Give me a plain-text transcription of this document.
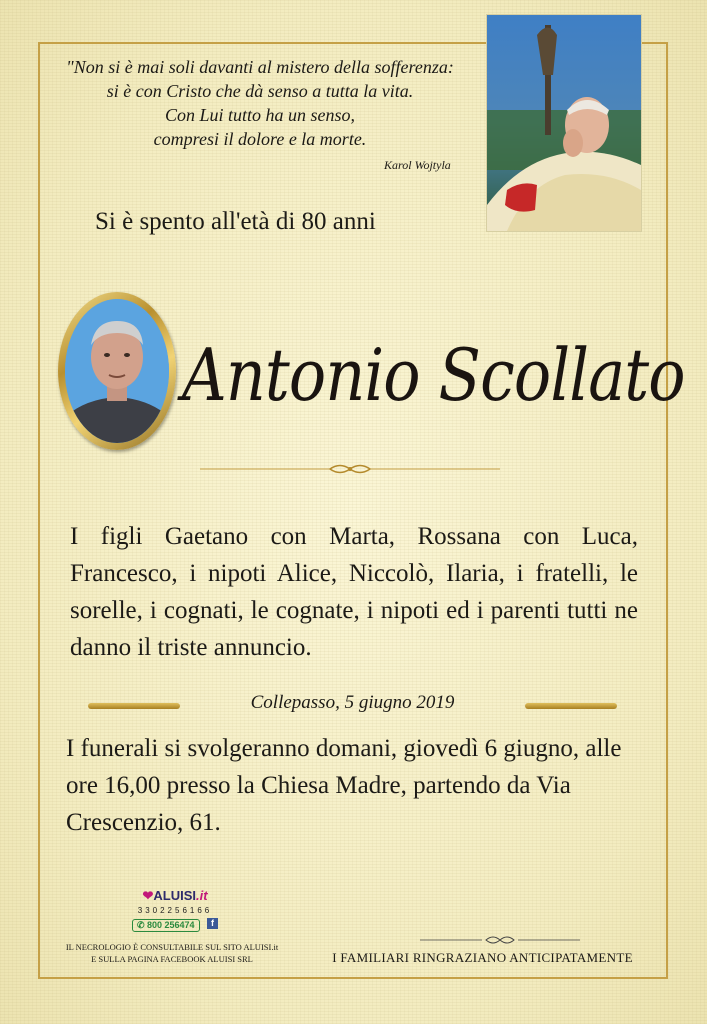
"Non si è mai soli davanti al mistero della sofferenza:
si è con Cristo che dà senso a tutta la vita.
Con Lui tutto ha un senso,
compresi il dolore e la morte.
Karol Wojtyla
Si è spento all'età di 80 anni
Antonio Scollato
I figli Gaetano con Marta, Rossana con Luca, Francesco, i nipoti Alice, Niccolò, Ilaria, i fratelli, le sorelle, i cognati, le cognate, i nipoti ed i parenti tutti ne danno il triste annuncio.
Collepasso, 5 giugno 2019
I funerali si svolgeranno domani, giovedì 6 giugno, alle ore 16,00 presso la Chiesa Madre, partendo da Via Crescenzio, 61.
❤ALUISI.it
3302256166
✆ 800 256474 f
IL NECROLOGIO È CONSULTABILE SUL SITO ALUISI.it
E SULLA PAGINA FACEBOOK ALUISI SRL	I FAMILIARI RINGRAZIANO ANTICIPATAMENTE
